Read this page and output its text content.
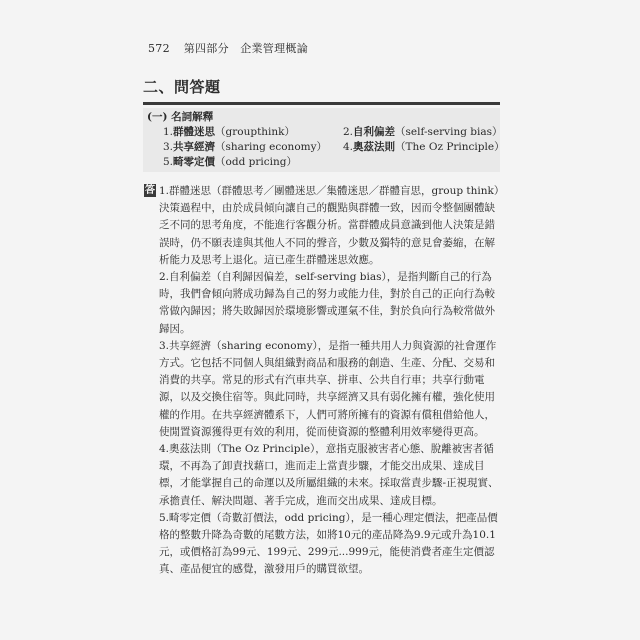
572 第四部分　企業管理概論
二、問答題
(一) 名詞解釋
1.群體迷思（groupthink）	2.自利偏差（self-serving bias）
3.共享經濟（sharing economy） 4.奧茲法則（The Oz Principle）
5.畸零定價（odd pricing）
答 1.群體迷思（群體思考／團體迷思／集體迷思／群體盲思，group think）決策過程中，由於成員傾向讓自己的觀點與群體一致，因而令整個團體缺乏不同的思考角度，不能進行客觀分析。當群體成員意識到他人決策是錯誤時，仍不願表達與其他人不同的聲音，少數及獨特的意見會萎縮，在解析能力及思考上退化。這已產生群體迷思效應。

2.自利偏差（自利歸因偏差，self-serving bias），是指判斷自己的行為時，我們會傾向將成功歸為自己的努力或能力佳，對於自己的正向行為較常做內歸因；將失敗歸因於環境影響或運氣不佳，對於負向行為較常做外歸因。

3.共享經濟（sharing economy），是指一種共用人力與資源的社會運作方式。它包括不同個人與組織對商品和服務的創造、生產、分配、交易和消費的共享。常見的形式有汽車共享、拼車、公共自行車；共享行動電源，以及交換住宿等。與此同時，共享經濟又具有弱化擁有權，強化使用權的作用。在共享經濟體系下，人們可將所擁有的資源有償租借給他人，使閒置資源獲得更有效的利用，從而使資源的整體利用效率變得更高。

4.奧茲法則（The Oz Principle），意指克服被害者心態、脫離被害者循環，不再為了卸責找藉口，進而走上當責步驟，才能交出成果、達成目標，才能掌握自己的命運以及所屬組織的未來。採取當責步驟-正視現實、承擔責任、解決問題、著手完成，進而交出成果、達成目標。

5.畸零定價（奇數訂價法，odd pricing），是一種心理定價法，把產品價格的整數升降為奇數的尾數方法，如將10元的產品降為9.9元或升為10.1元，或價格訂為99元、199元、299元...999元，能使消費者產生定價認真、產品便宜的感覺，激發用戶的購買欲望。
